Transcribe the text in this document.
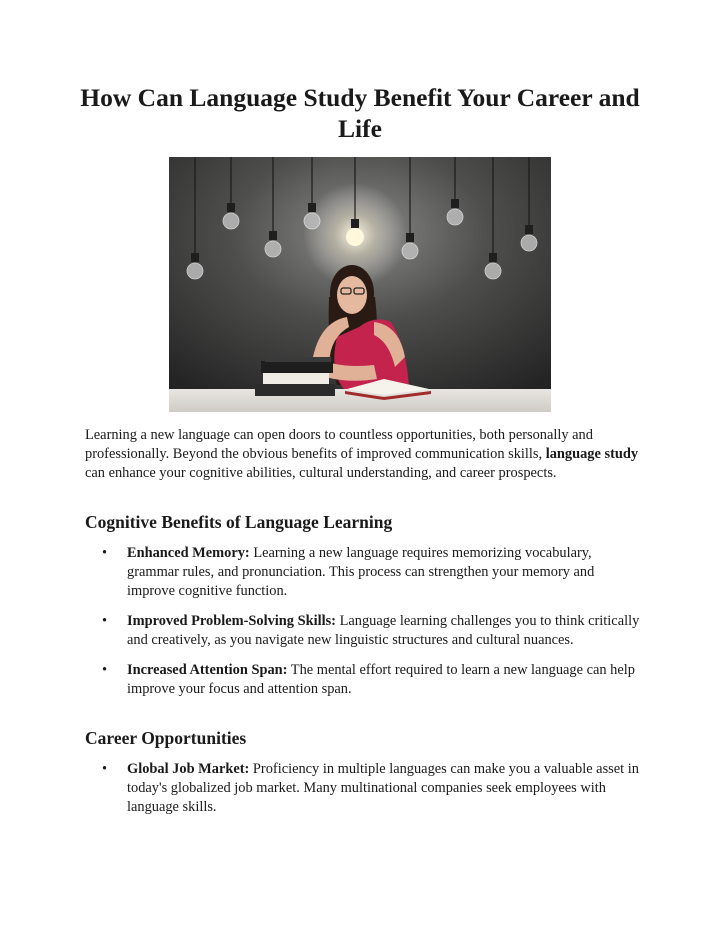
How Can Language Study Benefit Your Career and Life

Learning a new language can open doors to countless opportunities, both personally and professionally. Beyond the obvious benefits of improved communication skills, language study can enhance your cognitive abilities, cultural understanding, and career prospects.

Cognitive Benefits of Language Learning
• Enhanced Memory: Learning a new language requires memorizing vocabulary, grammar rules, and pronunciation. This process can strengthen your memory and improve cognitive function.
• Improved Problem-Solving Skills: Language learning challenges you to think critically and creatively, as you navigate new linguistic structures and cultural nuances.
• Increased Attention Span: The mental effort required to learn a new language can help improve your focus and attention span.
Career Opportunities
• Global Job Market: Proficiency in multiple languages can make you a valuable asset in today's globalized job market. Many multinational companies seek employees with language skills.
